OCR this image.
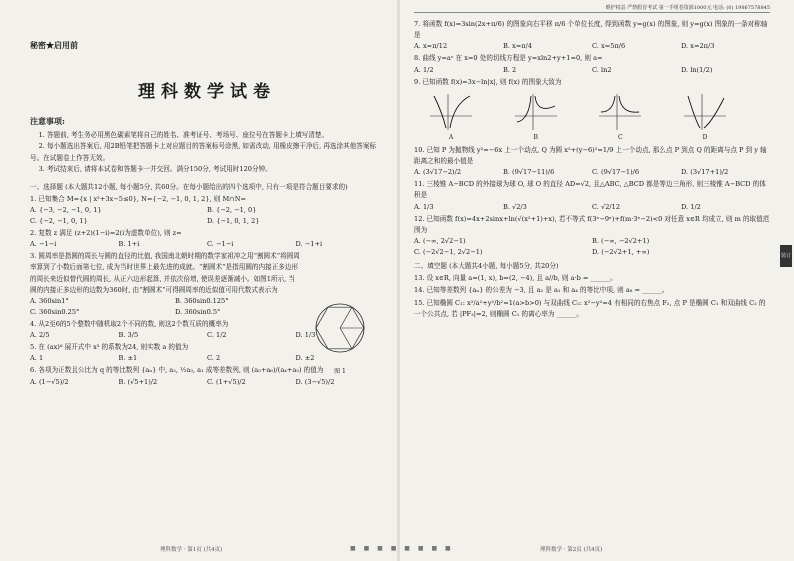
秘密★启用前
理科数学试卷
注意事项:
1. 答题前, 考生务必用黑色碳素笔将自己的姓名、准考证号、考场号、座位号在答题卡上填写清楚。
2. 每小题选出答案后, 用2B铅笔把答题卡上对应题目的答案标号涂黑, 如需改动, 用橡皮擦干净后, 再选涂其他答案标号。在试题卷上作答无效。
3. 考试结束后, 请将本试卷和答题卡一并交回。满分150分, 考试用时120分钟。
一、选择题 (本大题共12小题, 每小题5分, 共60分。在每小题给出的四个选项中, 只有一项是符合题目要求的)
1. 已知集合 M={x | x²+3x−5≤0}, N={−2, −1, 0, 1, 2}, 则 M∩N=
A. {−3, −2, −1, 0, 1}	B. {−2, −1, 0}
C. {−2, −1, 0, 1}	D. {−1, 0, 1, 2}
2. 复数 z 满足 (z+2)(1−i)=2(i为虚数单位), 则 z=
A. −1−i	B. 1+i	C. −1−i	D. −1+i
3. 圆周率是指圆的周长与圆的直径的比值, 我国南北朝时期的数学家祖冲之用“割圆术”将圆周率算到了小数后面第七位, 成为当时世界上最先进的成就。“割圆术”是指用圆的内接正多边形的周长来近似替代圆的周长, 从正六边形起算, 并依次倍增, 使误差逐渐减小。如图1所示, 当圆的内接正多边形的边数为360时, 由“割圆术”可得圆周率的近似值可用代数式表示为
A. 360sin1°	B. 360sin0.125°
C. 360sin0.25°	D. 360sin0.5°
4. 从2至6的5个整数中随机取2个不同的数, 则这2个数互质的概率为
A. 2/5	B. 3/5	C. 1/2	D. 1/3
5. 在 (ax)⁶ 展开式中 x³ 的系数为24, 则实数 a 的值为
A. 1	B. ±1	C. 2	D. ±2
6. 各项为正数且公比为 q 的等比数列 {aₙ} 中, a₂, ½a₃, a₁ 成等差数列, 则 (a₅+a₆)/(a₄+a₅) 的值为
A. (1−√5)/2	B. (√5+1)/2	C. (1+√5)/2	D. (3−√5)/2
理科数学 · 第1页 (共4页)
图 1
■ ■ ■ ■ ■ ■ ■ ■
维护权益 严禁假冒考试 第一手组卷资源1000元 电话: (0) 19867578845
7. 将函数 f(x)=3sin(2x+π/6) 的图象向右平移 π/6 个单位长度, 得到函数 y=g(x) 的图象, 则 y=g(x) 图象的一条对称轴是
A. x=π/12	B. x=π/4	C. x=5π/6	D. x=2π/3
8. 曲线 y=aᵉ 在 x=0 处的切线方程是 y=xln2+y+1=0, 则 a=
A. 1/2	B. 2	C. ln2	D. ln(1/2)
9. 已知函数 f(x)=3x−ln|x|, 则 f(x) 的图象大致为
A	B	C	D
10. 已知 P 为抛物线 y²=−6x 上一个动点, Q 为圆 x²+(y−6)²=1/9 上一个动点, 那么点 P 到点 Q 的距离与点 P 到 y 轴距离之和的最小值是
A. (3√17−2)/2	B. (9√17−11)/6	C. (9√17−1)/6	D. (3√17+1)/2
11. 三棱锥 A−BCD 的外接球为球 O, 球 O 的直径 AD=√2, 且△ABC, △BCD 都是等边三角形, 则三棱锥 A−BCD 的体积是
A. 1/3	B. √2/3	C. √2/12	D. 1/2
12. 已知函数 f(x)=4x+2sinx+ln(√(x²+1)+x), 若不等式 f(3ˣ−9ˣ)+f(m·3ˣ−2)<0 对任意 x∈R 均成立, 则 m 的取值范围为
A. (−∞, 2√2−1)	B. (−∞, −2√2+1)
C. (−2√2−1, 2√2−1)	D. (−2√2+1, +∞)
二、填空题 (本大题共4小题, 每小题5分, 共20分)
13. 设 x∈R, 向量 a=(1, x), b=(2, −4), 且 a//b, 则 a·b = ______。
14. 已知等差数列 {aₙ} 的公差为 −3, 且 a₂ 是 a₁ 和 a₄ 的等比中项, 则 a₈ = ______。
15. 已知椭圆 C₁: x²/a²+y²/b²=1(a>b>0) 与双曲线 C₂: x²−y²=4 有相同的右焦点 F₂, 点 P 是椭圆 C₁ 和双曲线 C₂ 的一个公共点, 若 |PF₂|=2, 则椭圆 C₁ 的离心率为 ______。
理科数学 · 第2页 (共4页)
装订
